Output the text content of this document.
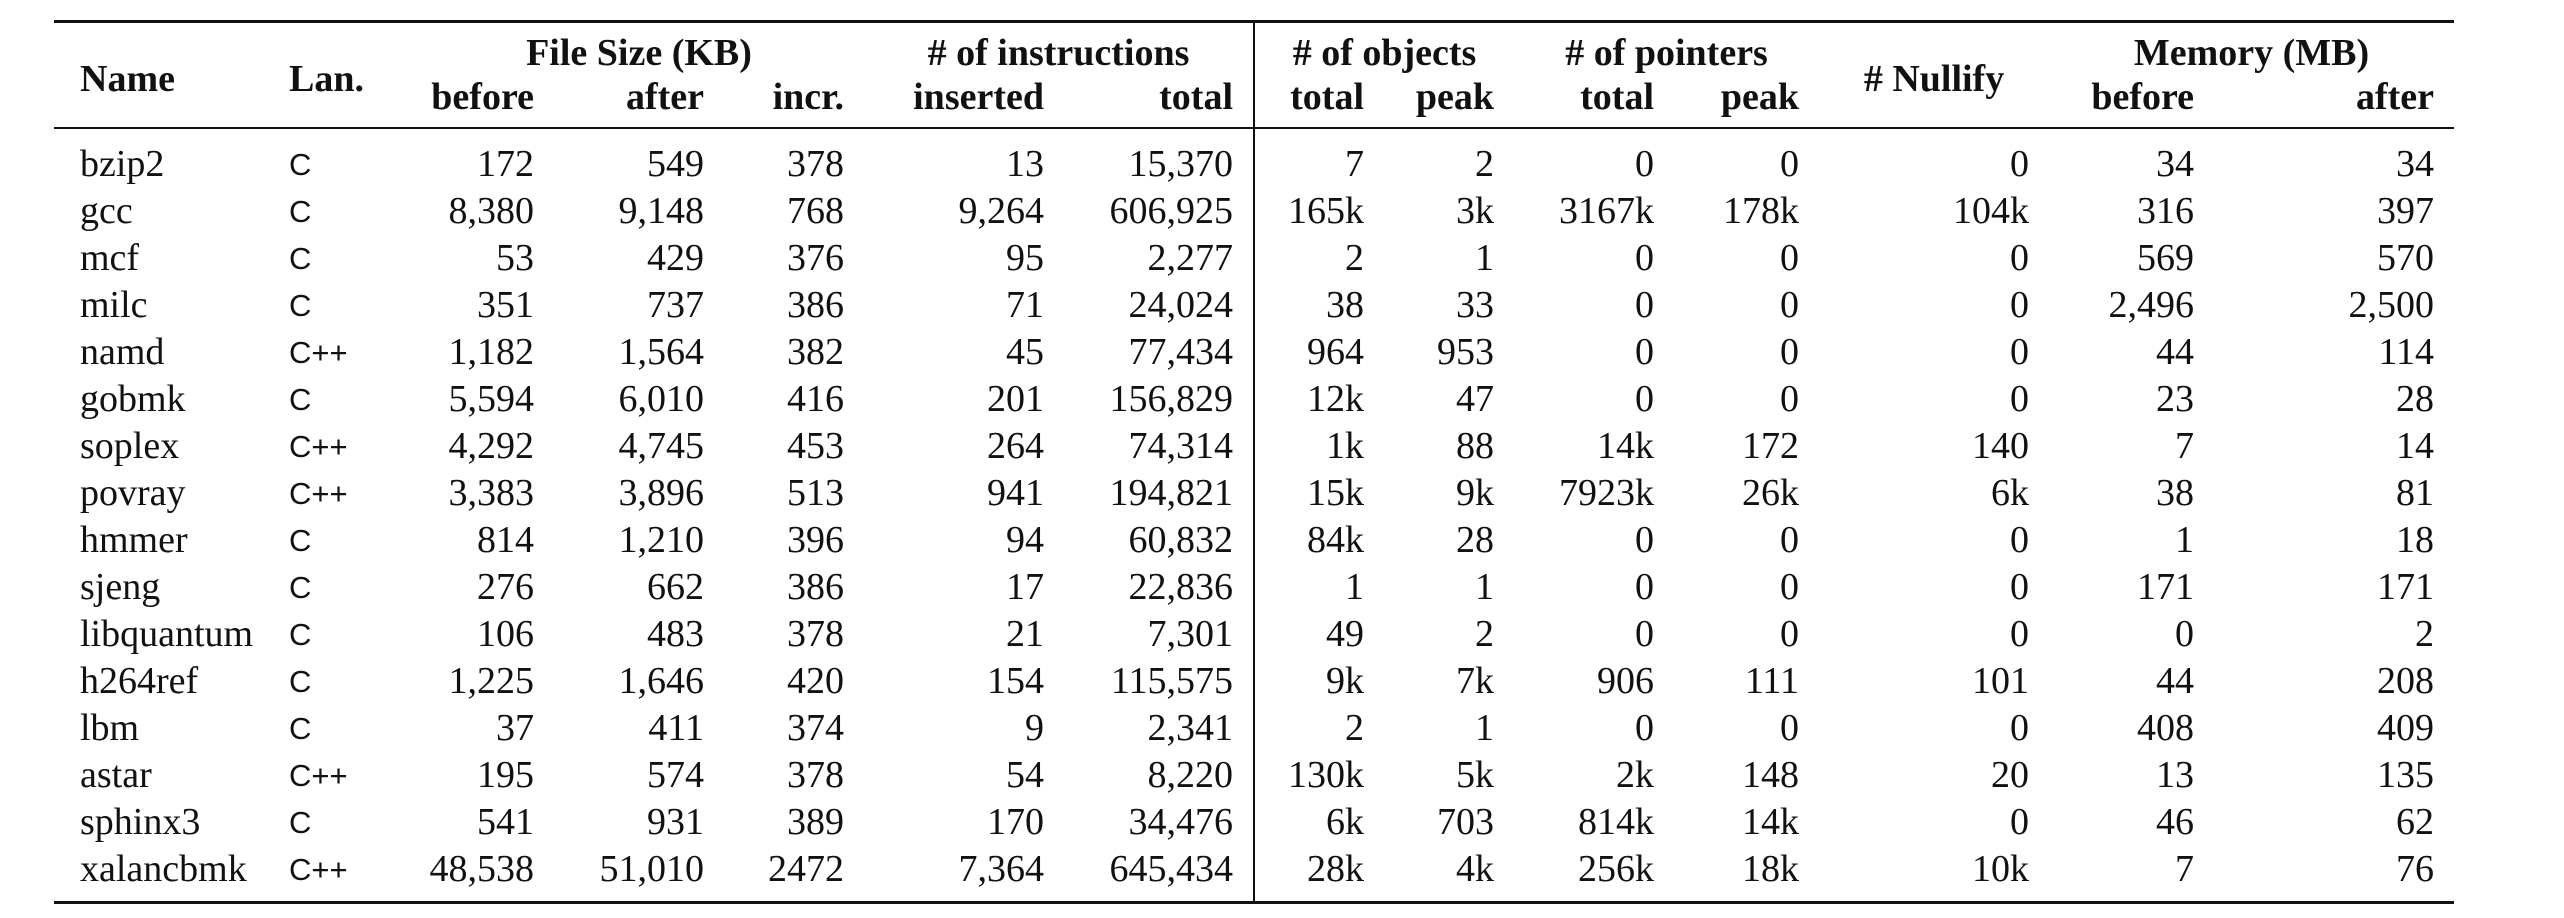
Name	Lan.	File Size (KB)			# of instructions		# of objects		# of pointers		# Nullify	Memory (MB)	
		before	after	incr.	inserted	total	total	peak	total	peak		before	after
bzip2	C	172	549	378	13	15,370	7	2	0	0	0	34	34
gcc	C	8,380	9,148	768	9,264	606,925	165k	3k	3167k	178k	104k	316	397
mcf	C	53	429	376	95	2,277	2	1	0	0	0	569	570
milc	C	351	737	386	71	24,024	38	33	0	0	0	2,496	2,500
namd	C++	1,182	1,564	382	45	77,434	964	953	0	0	0	44	114
gobmk	C	5,594	6,010	416	201	156,829	12k	47	0	0	0	23	28
soplex	C++	4,292	4,745	453	264	74,314	1k	88	14k	172	140	7	14
povray	C++	3,383	3,896	513	941	194,821	15k	9k	7923k	26k	6k	38	81
hmmer	C	814	1,210	396	94	60,832	84k	28	0	0	0	1	18
sjeng	C	276	662	386	17	22,836	1	1	0	0	0	171	171
libquantum	C	106	483	378	21	7,301	49	2	0	0	0	0	2
h264ref	C	1,225	1,646	420	154	115,575	9k	7k	906	111	101	44	208
lbm	C	37	411	374	9	2,341	2	1	0	0	0	408	409
astar	C++	195	574	378	54	8,220	130k	5k	2k	148	20	13	135
sphinx3	C	541	931	389	170	34,476	6k	703	814k	14k	0	46	62
xalancbmk	C++	48,538	51,010	2472	7,364	645,434	28k	4k	256k	18k	10k	7	76
